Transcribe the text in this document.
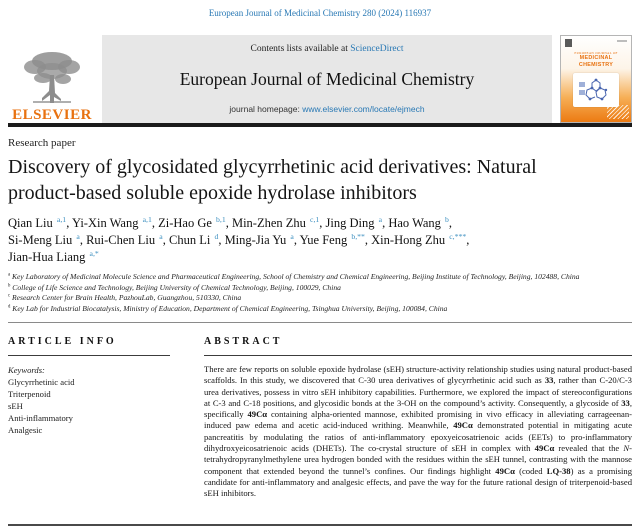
European Journal of Medicinal Chemistry 280 (2024) 116937
ELSEVIER
Contents lists available at ScienceDirect
European Journal of Medicinal Chemistry
journal homepage: www.elsevier.com/locate/ejmech
EUROPEAN JOURNAL OF
MEDICINAL
CHEMISTRY
Research paper
Discovery of glycosidated glycyrrhetinic acid derivatives: Natural product-based soluble epoxide hydrolase inhibitors
Qian Liu $^{a,1}$, Yi-Xin Wang $^{a,1}$, Zi-Hao Ge $^{b,1}$, Min-Zhen Zhu $^{c,1}$, Jing Ding $^a$, Hao Wang $^b$,
Si-Meng Liu $^a$, Rui-Chen Liu $^a$, Chun Li $^d$, Ming-Jia Yu $^a$, Yue Feng $^{b,**}$, Xin-Hong Zhu $^{c,***}$,
Jian-Hua Liang $^{a,*}$
$^a$ Key Laboratory of Medicinal Molecule Science and Pharmaceutical Engineering, School of Chemistry and Chemical Engineering, Beijing Institute of Technology, Beijing, 102488, China
$^b$ College of Life Science and Technology, Beijing University of Chemical Technology, Beijing, 100029, China
$^c$ Research Center for Brain Health, PazhouLab, Guangzhou, 510330, China
$^d$ Key Lab for Industrial Biocatalysis, Ministry of Education, Department of Chemical Engineering, Tsinghua University, Beijing, 100084, China
ARTICLE INFO
Keywords:
Glycyrrhetinic acid
Triterpenoid
sEH
Anti-inflammatory
Analgesic
ABSTRACT
There are few reports on soluble epoxide hydrolase (sEH) structure-activity relationship studies using natural product-based scaffolds. In this study, we discovered that C-30 urea derivatives of glycyrrhetinic acid such as 33, rather than C-20/C-3 urea derivatives, possess in vitro sEH inhibitory capabilities. Furthermore, we explored the impact of stereoconfigurations at C-3 and C-18 positions, and glycosidic bonds at the 3-OH on the compound’s activity. Consequently, a glycoside of 33, specifically 49Cα containing alpha-oriented mannose, exhibited promising in vivo efficacy in alleviating carrageenan-induced paw edema and acetic acid-induced writhing. Meanwhile, 49Cα demonstrated potential in mitigating acute pancreatitis by modulating the ratios of anti-inflammatory epoxyeicosatrienoic acids (EETs) to pro-inflammatory dihydroxyeicosatrienoic acids (DHETs). The co-crystal structure of sEH in complex with 49Cα revealed that the N-tetrahydropyranylmethylene urea hydrogen bonded with the residues within the sEH tunnel, contrasting with the mannose component that extended beyond the tunnel’s confines. Our findings highlight 49Cα (coded LQ-38) as a promising candidate for anti-inflammatory and analgesic effects, and pave the way for the future rational design of triterpenoid-based sEH inhibitors.
